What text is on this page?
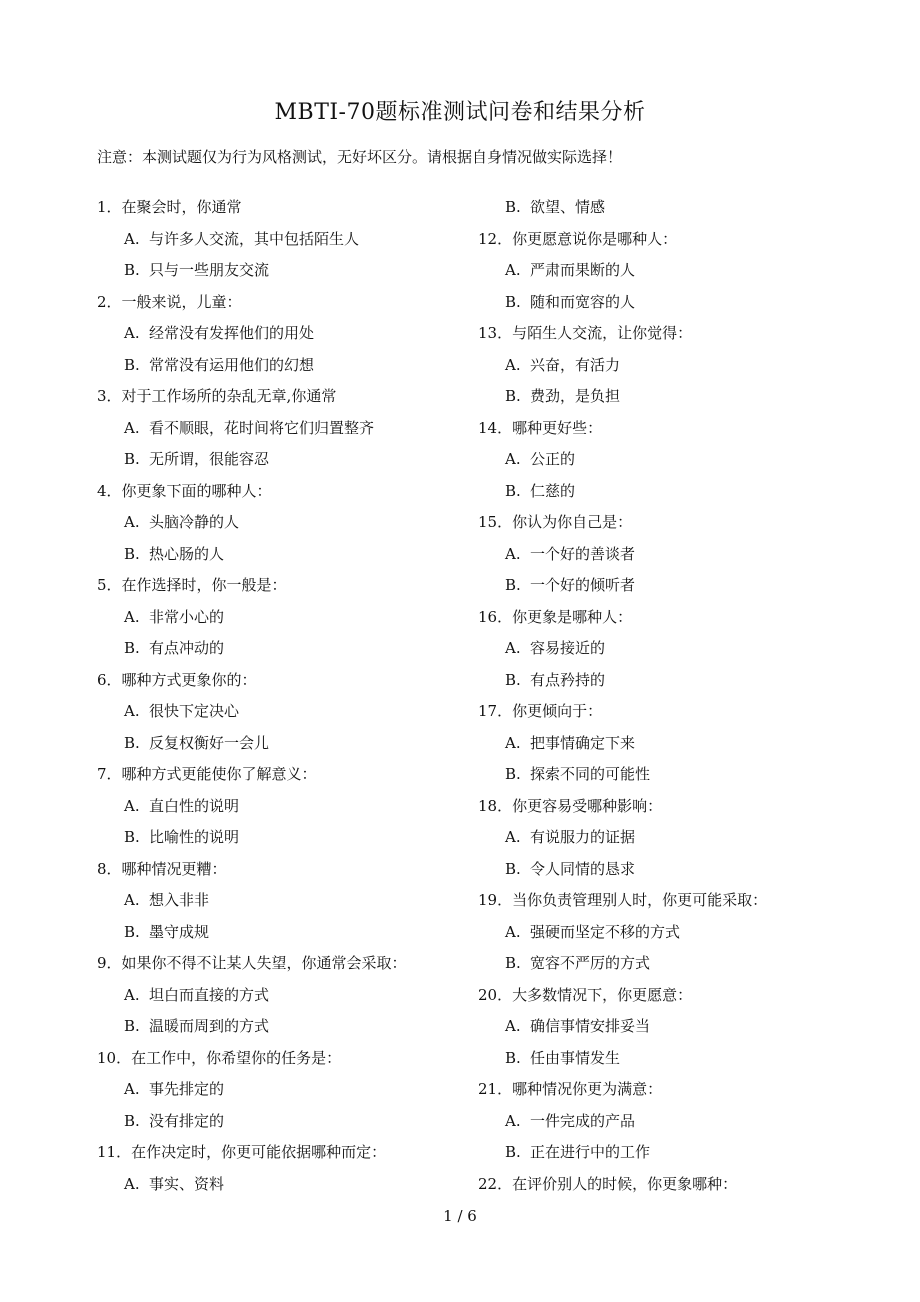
MBTI-70题标准测试问卷和结果分析
注意：本测试题仅为行为风格测试，无好坏区分。请根据自身情况做实际选择！
1．在聚会时，你通常
A. 与许多人交流，其中包括陌生人
B. 只与一些朋友交流
2．一般来说，儿童：
A. 经常没有发挥他们的用处
B. 常常没有运用他们的幻想
3．对于工作场所的杂乱无章,你通常
A. 看不顺眼，花时间将它们归置整齐
B. 无所谓，很能容忍
4．你更象下面的哪种人：
A. 头脑冷静的人
B. 热心肠的人
5．在作选择时，你一般是：
A. 非常小心的
B. 有点冲动的
6．哪种方式更象你的：
A. 很快下定决心
B. 反复权衡好一会儿
7．哪种方式更能使你了解意义：
A. 直白性的说明
B. 比喻性的说明
8．哪种情况更糟：
A. 想入非非
B. 墨守成规
9．如果你不得不让某人失望，你通常会采取：
A. 坦白而直接的方式
B. 温暖而周到的方式
10．在工作中，你希望你的任务是：
A. 事先排定的
B. 没有排定的
11．在作决定时，你更可能依据哪种而定：
A. 事实、资料
B. 欲望、情感
12．你更愿意说你是哪种人：
A. 严肃而果断的人
B. 随和而宽容的人
13．与陌生人交流，让你觉得：
A. 兴奋，有活力
B. 费劲，是负担
14．哪种更好些：
A. 公正的
B. 仁慈的
15．你认为你自己是：
A. 一个好的善谈者
B. 一个好的倾听者
16．你更象是哪种人：
A. 容易接近的
B. 有点矜持的
17．你更倾向于：
A. 把事情确定下来
B. 探索不同的可能性
18．你更容易受哪种影响：
A. 有说服力的证据
B. 令人同情的恳求
19．当你负责管理别人时，你更可能采取：
A. 强硬而坚定不移的方式
B. 宽容不严厉的方式
20．大多数情况下，你更愿意：
A. 确信事情安排妥当
B. 任由事情发生
21．哪种情况你更为满意：
A. 一件完成的产品
B. 正在进行中的工作
22．在评价别人的时候，你更象哪种：
1 / 6
